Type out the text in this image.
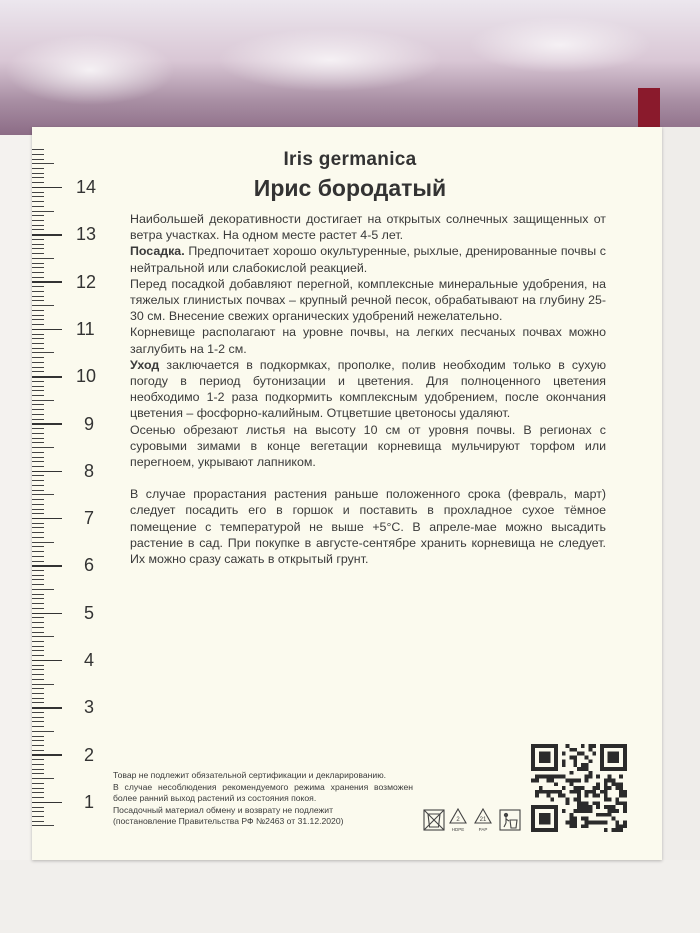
14
13
12
11
10
9
8
7
6
5
4
3
2
1
Iris germanica
Ирис бородатый

Наибольшей декоративности достигает на открытых солнечных защищенных от ветра участках. На одном месте растет 4-5 лет.

Посадка. Предпочитает хорошо окультуренные, рыхлые, дренированные почвы с нейтральной или слабокислой реакцией.

Перед посадкой добавляют перегной, комплексные минеральные удобрения, на тяжелых глинистых почвах – крупный речной песок, обрабатывают на глубину 25-30 см. Внесение свежих органических удобрений нежелательно.

Корневище располагают на уровне почвы, на легких песчаных почвах можно заглубить на 1-2 см.

Уход заключается в подкормках, прополке, полив необходим только в сухую погоду в период бутонизации и цветения. Для полноценного цветения необходимо 1-2 раза подкормить комплексным удобрением, после окончания цветения – фосфорно-калийным. Отцветшие цветоносы удаляют.

Осенью обрезают листья на высоту 10 см от уровня почвы. В регионах с суровыми зимами в конце вегетации корневища мульчируют торфом или перегноем, укрывают лапником.

В случае прорастания растения раньше положенного срока (февраль, март) следует посадить его в горшок и поставить в прохладное сухое тёмное помещение с температурой не выше +5°С. В апреле-мае можно высадить растение в сад. При покупке в августе-сентябре хранить корневища не следует. Их можно сразу сажать в открытый грунт.

Товар не подлежит обязательной сертификации и декларированию.

В случае несоблюдения рекомендуемого режима хранения возможен более ранний выход растений из состояния покоя.

Посадочный материал обмену и возврату не подлежит

(постановление Правительства РФ №2463 от 31.12.2020)	2
HDPE
21
PAP
